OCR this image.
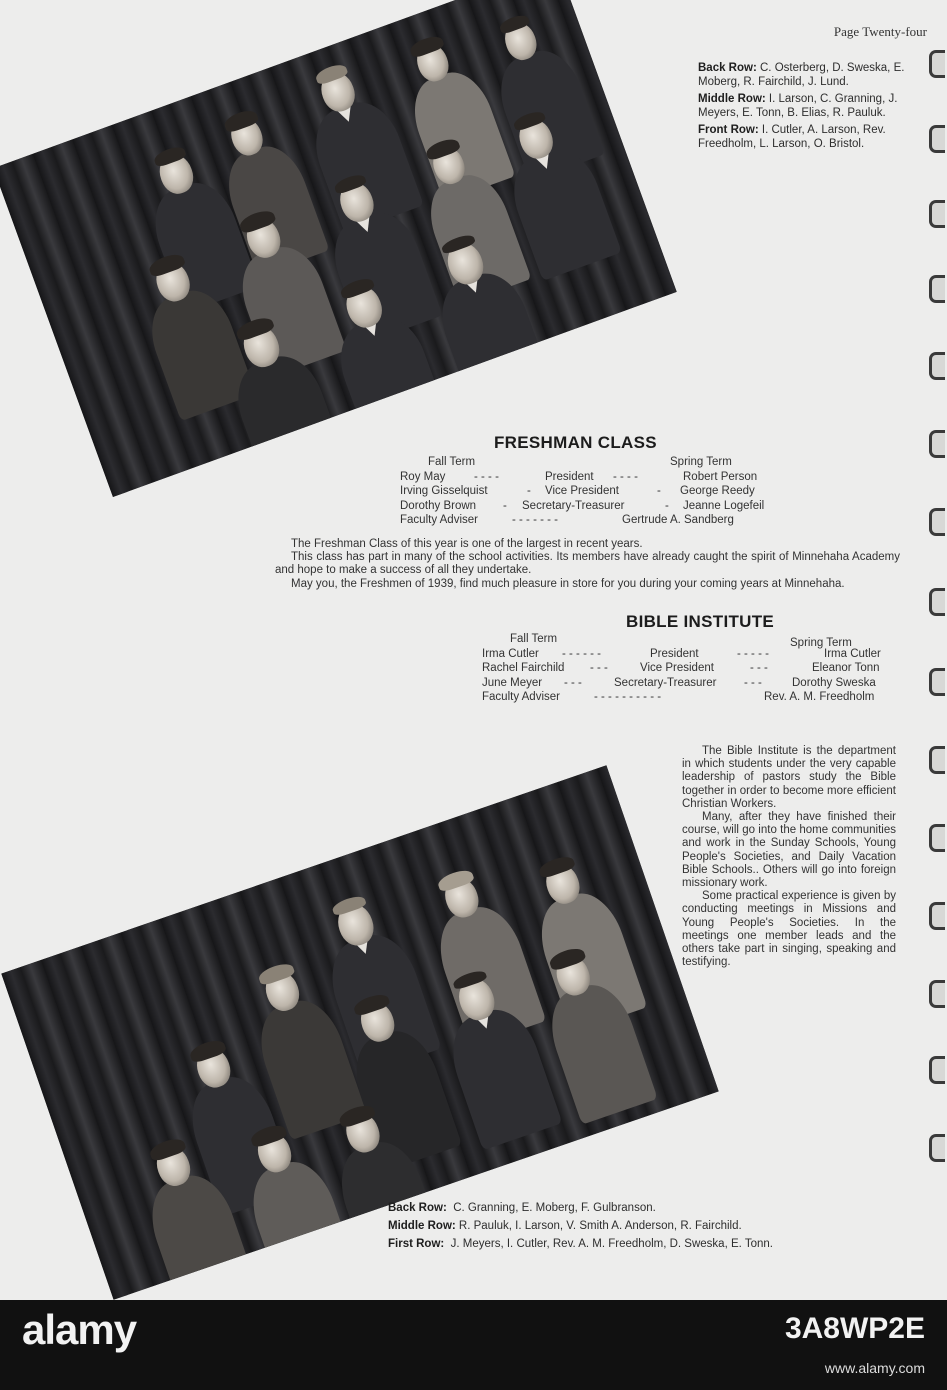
Page Twenty-four

Back Row: C. Osterberg, D. Sweska, E. Moberg, R. Fairchild, J. Lund.

Middle Row: I. Larson, C. Granning, J. Meyers, E. Tonn, B. Elias, R. Pauluk.

Front Row: I. Cutler, A. Larson, Rev. Freedholm, L. Larson, O. Bristol.

FRESHMAN CLASS
Fall Term	Spring Term
Roy May - - - -	President - - - -	Robert Person
Irving Gisselquist	- Vice President	- George Reedy
Dorothy Brown - Secretary-Treasurer	- Jeanne Logefeil
Faculty Adviser	- - - - - - -	Gertrude A. Sandberg

The Freshman Class of this year is one of the largest in recent years.

This class has part in many of the school activities. Its members have already caught the spirit of Minnehaha Academy and hope to make a success of all they undertake.

May you, the Freshmen of 1939, find much pleasure in store for you during your coming years at Minnehaha.

BIBLE INSTITUTE
Fall Term	Spring Term
Irma Cutler - - - - - -	President	- - - - -	Irma Cutler
Rachel Fairchild - - -	Vice President	- - -	Eleanor Tonn
June Meyer - - -	Secretary-Treasurer - - -	Dorothy Sweska
Faculty Adviser	- - - - - - - - - -	Rev. A. M. Freedholm

The Bible Institute is the department in which students under the very capable leadership of pastors study the Bible together in order to become more efficient Christian Workers.

Many, after they have finished their course, will go into the home communities and work in the Sunday Schools, Young People's Societies, and Daily Vacation Bible Schools.. Others will go into foreign missionary work.

Some practical experience is given by conducting meetings in Missions and Young People's Societies. In the meetings one member leads and the others take part in singing, speaking and testifying.

Back Row: C. Granning, E. Moberg, F. Gulbranson.

Middle Row: R. Pauluk, I. Larson, V. Smith A. Anderson, R. Fairchild.

First Row: J. Meyers, I. Cutler, Rev. A. M. Freedholm, D. Sweska, E. Tonn.

alamy	3A8WP2E
www.alamy.com
